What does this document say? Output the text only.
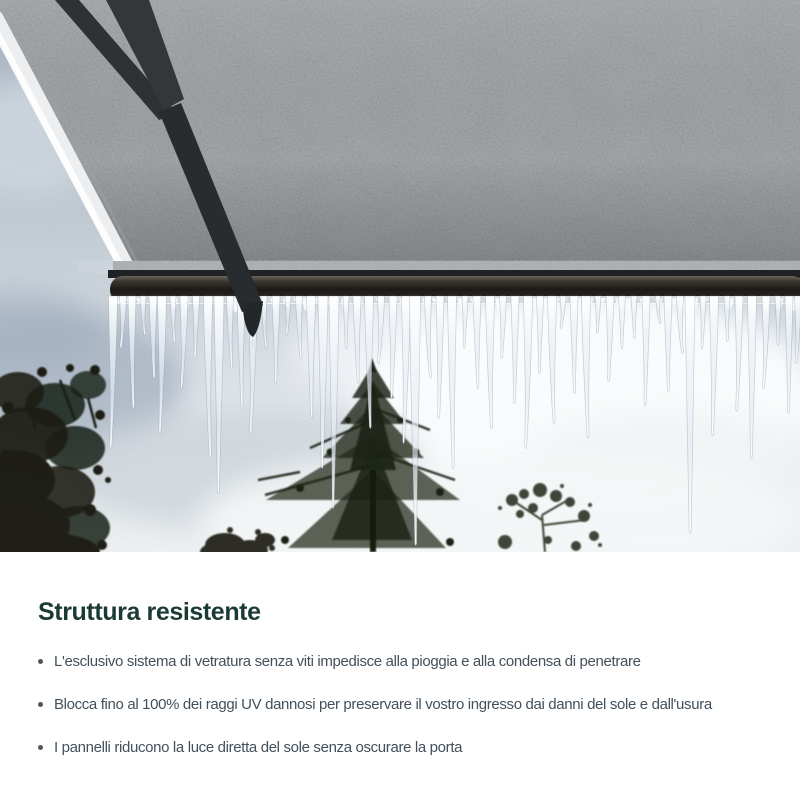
Struttura resistente
L'esclusivo sistema di vetratura senza viti impedisce alla pioggia e alla condensa di penetrare
Blocca fino al 100% dei raggi UV dannosi per preservare il vostro ingresso dai danni del sole e dall'usura
I pannelli riducono la luce diretta del sole senza oscurare la porta
